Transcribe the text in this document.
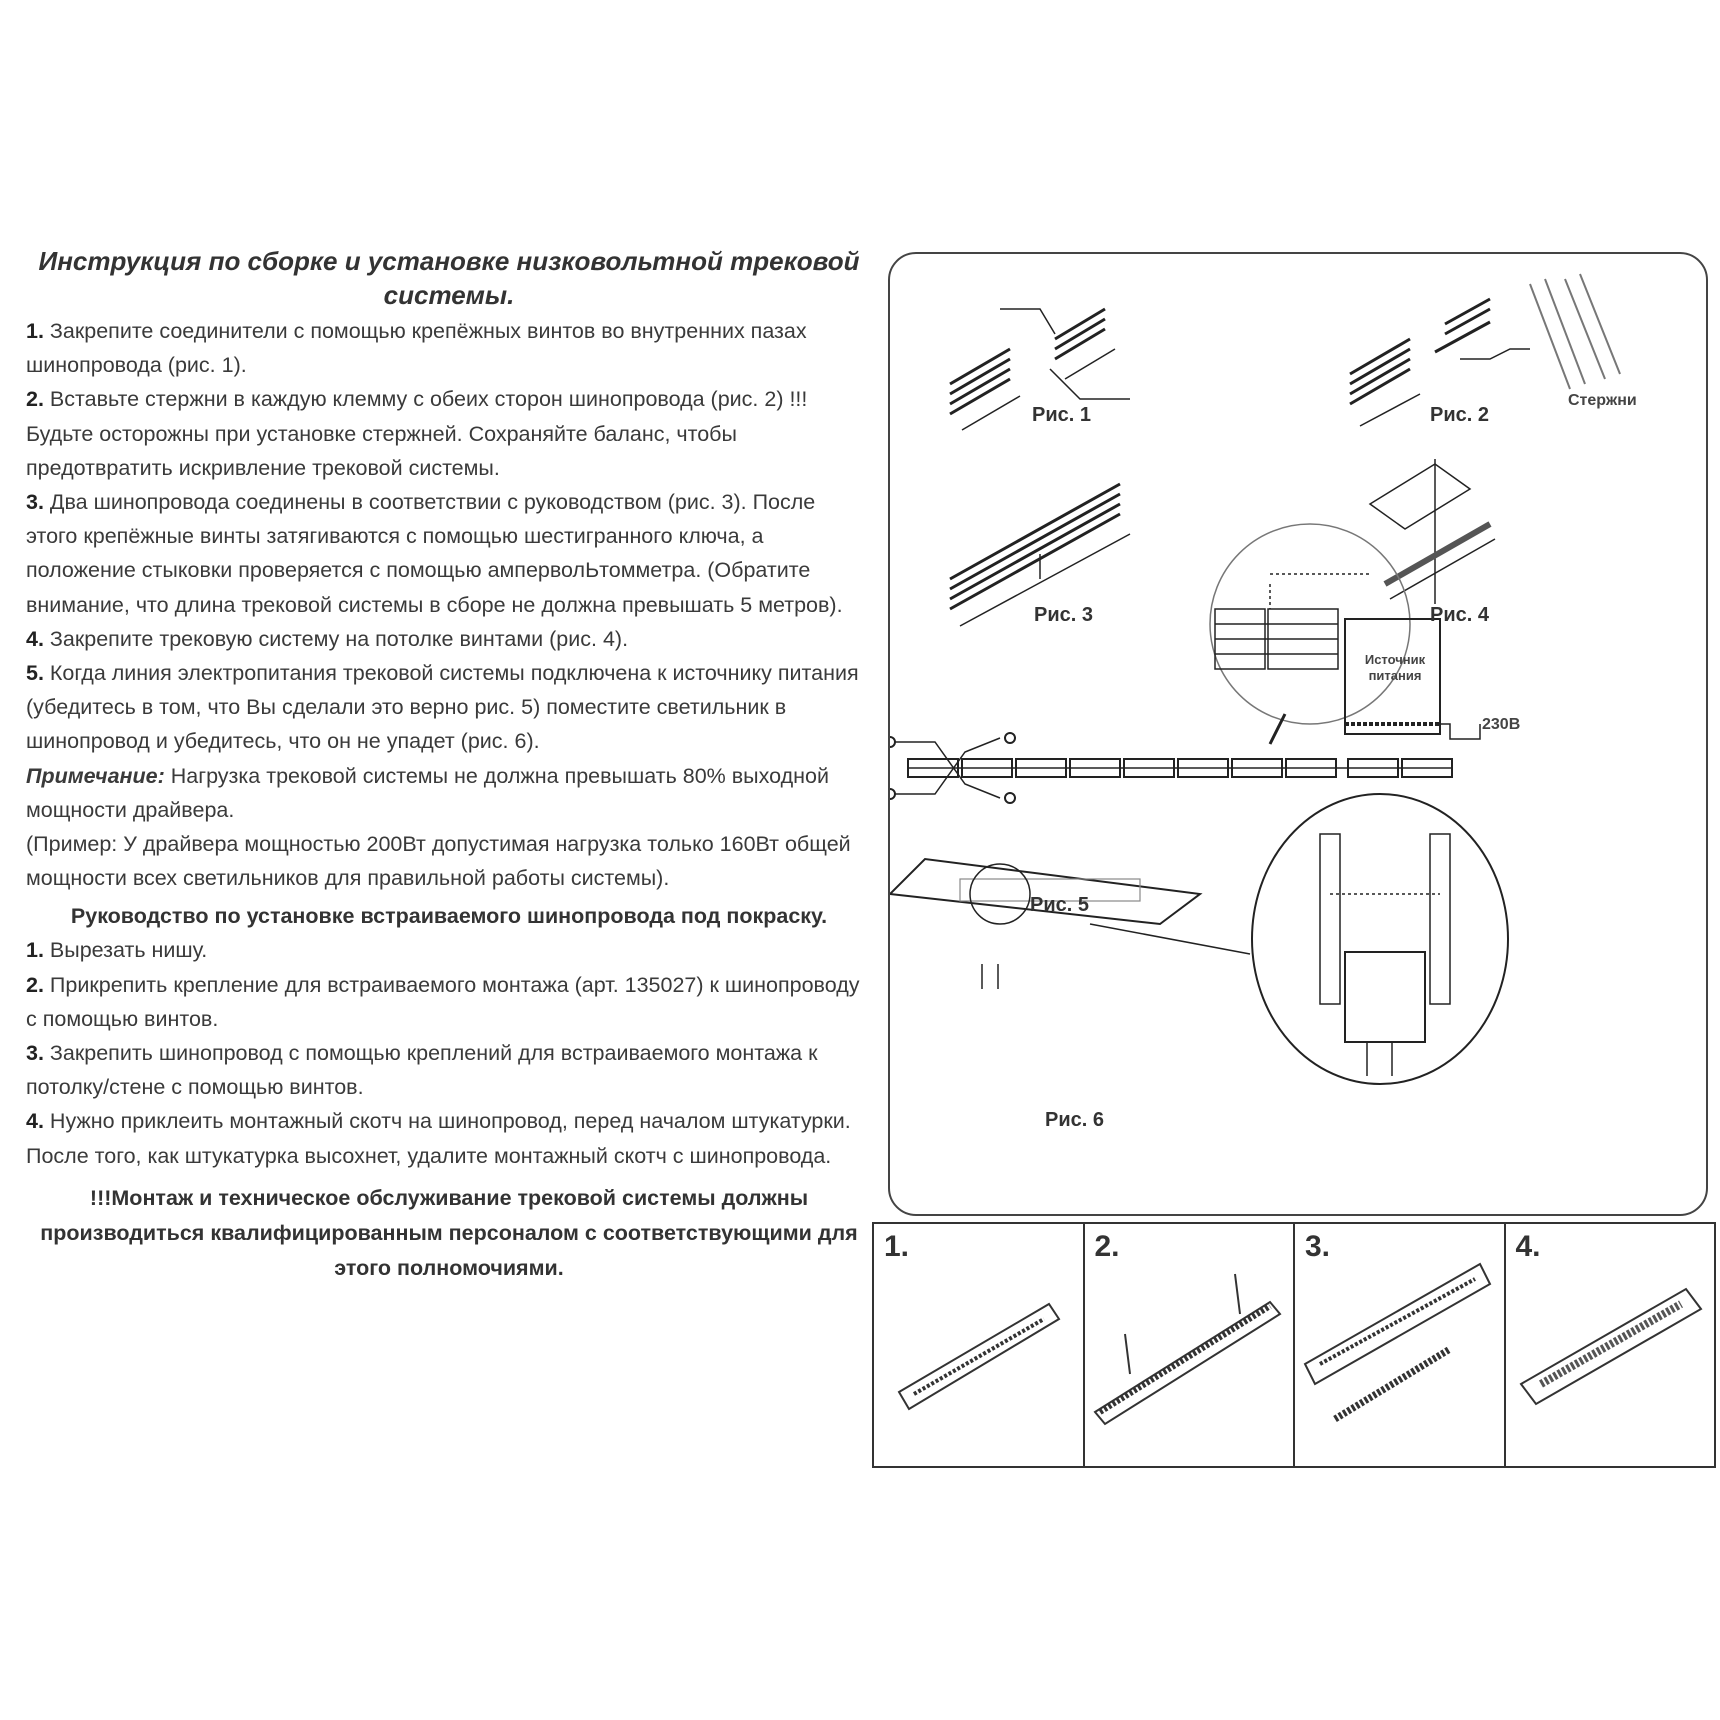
Инструкция по сборке и установке низковольтной трековой системы.

1. Закрепите соединители с помощью крепёжных винтов во внутренних пазах шинопровода (рис. 1).

2. Вставьте стержни в каждую клемму с обеих сторон шинопровода (рис. 2) !!!Будьте осторожны при установке стержней. Сохраняйте баланс, чтобы предотвратить искривление трековой системы.

3. Два шинопровода соединены в соответствии с руководством (рис. 3). После этого крепёжные винты затягиваются с помощью шестигранного ключа, а положение стыковки проверяется с помощью амперволЬтомметра. (Обратите внимание, что длина трековой системы в сборе не должна превышать 5 метров).

4. Закрепите трековую систему на потолке винтами (рис. 4).

5. Когда линия электропитания трековой системы подключена к источнику питания (убедитесь в том, что Вы сделали это верно рис. 5) поместите светильник в шинопровод и убедитесь, что он не упадет (рис. 6).

Примечание: Нагрузка трековой системы не должна превышать 80% выходной мощности драйвера.

(Пример: У драйвера мощностью 200Вт допустимая нагрузка только 160Вт общей мощности всех светильников для правильной работы системы).

Руководство по установке встраиваемого шинопровода под покраску.

1. Вырезать нишу.

2. Прикрепить крепление для встраиваемого монтажа (арт. 135027) к шинопроводу с помощью винтов.

3. Закрепить шинопровод с помощью креплений для встраиваемого монтажа к потолку/стене с помощью винтов.

4. Нужно приклеить монтажный скотч на шинопровод, перед началом штукатурки. После того, как штукатурка высохнет, удалите монтажный скотч с шинопровода.

!!!Монтаж и техническое обслуживание трековой системы должны производиться квалифицированным персоналом с соответствующими для этого полномочиями.
Рис. 1	Рис. 2
Стержни
Рис. 3	Рис. 4
Источник
питания
230В
Рис. 5
Рис. 6
1.	2.	3.	4.
